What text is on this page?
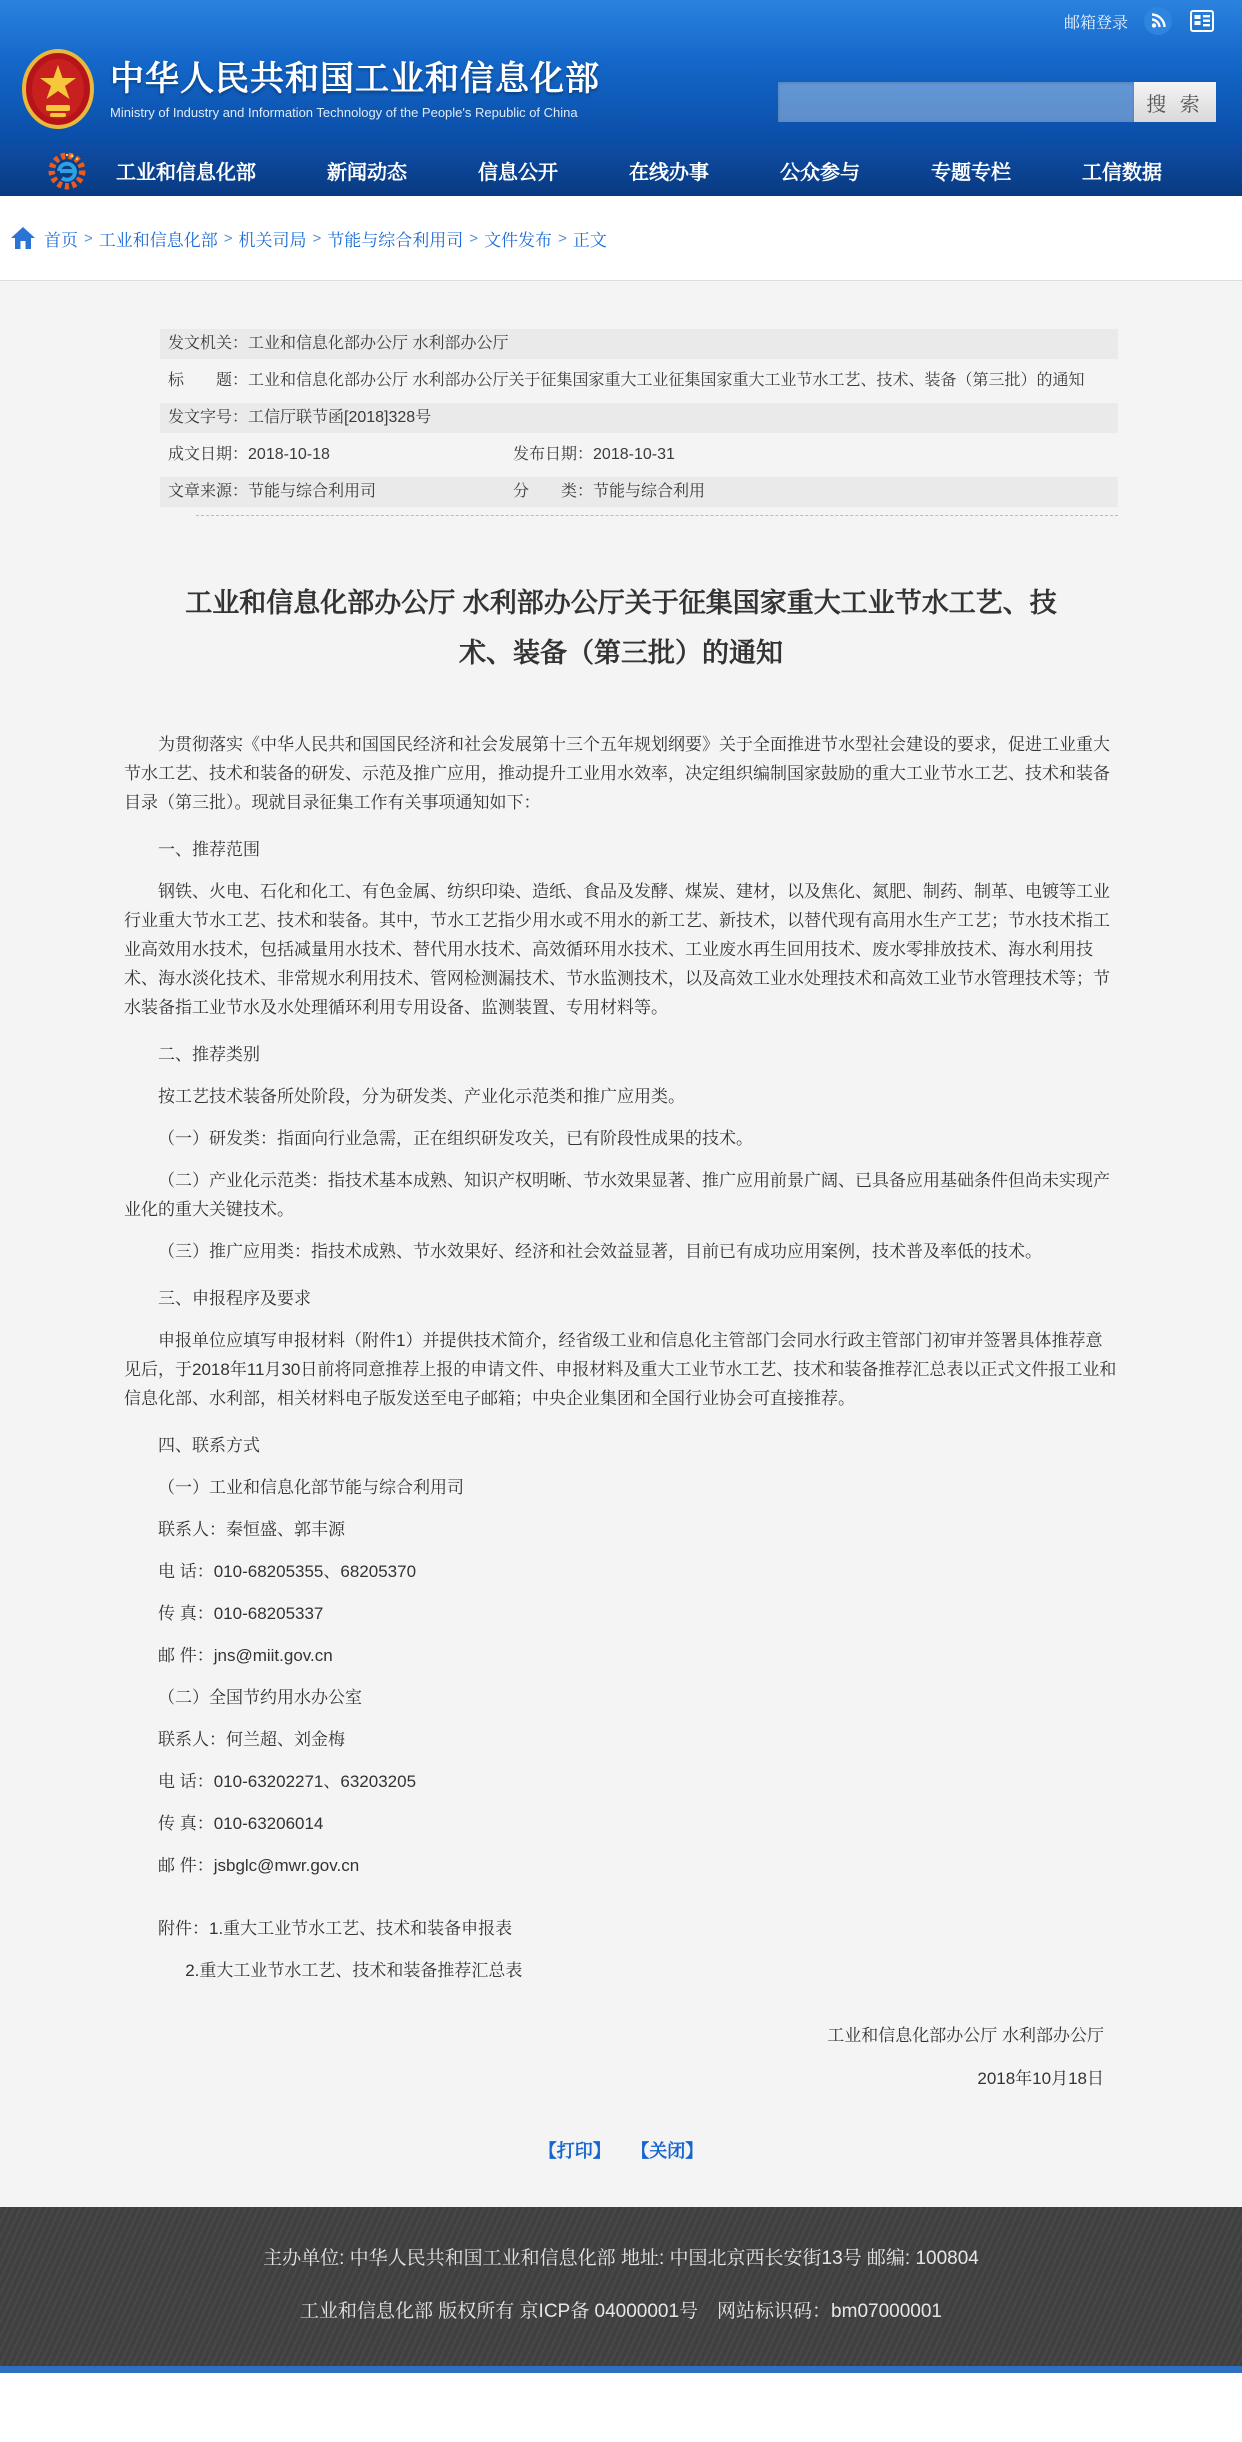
邮箱登录
中华人民共和国工业和信息化部
Ministry of Industry and Information Technology of the People's Republic of China	搜 索
工业和信息化部	新闻动态	信息公开	在线办事	公众参与	专题专栏	工信数据
首页 > 工业和信息化部 > 机关司局 > 节能与综合利用司 > 文件发布 > 正文
发文机关： 工业和信息化部办公厅 水利部办公厅
标　　题： 工业和信息化部办公厅 水利部办公厅关于征集国家重大工业征集国家重大工业节水工艺、技术、装备（第三批）的通知
发文字号： 工信厅联节函[2018]328号
成文日期： 2018-10-18	发布日期： 2018-10-31
文章来源： 节能与综合利用司	分　　类： 节能与综合利用
工业和信息化部办公厅 水利部办公厅关于征集国家重大工业节水工艺、技术、装备（第三批）的通知

为贯彻落实《中华人民共和国国民经济和社会发展第十三个五年规划纲要》关于全面推进节水型社会建设的要求，促进工业重大节水工艺、技术和装备的研发、示范及推广应用，推动提升工业用水效率，决定组织编制国家鼓励的重大工业节水工艺、技术和装备目录（第三批）。现就目录征集工作有关事项通知如下：

一、推荐范围

钢铁、火电、石化和化工、有色金属、纺织印染、造纸、食品及发酵、煤炭、建材，以及焦化、氮肥、制药、制革、电镀等工业行业重大节水工艺、技术和装备。其中，节水工艺指少用水或不用水的新工艺、新技术，以替代现有高用水生产工艺；节水技术指工业高效用水技术，包括减量用水技术、替代用水技术、高效循环用水技术、工业废水再生回用技术、废水零排放技术、海水利用技术、海水淡化技术、非常规水利用技术、管网检测漏技术、节水监测技术，以及高效工业水处理技术和高效工业节水管理技术等；节水装备指工业节水及水处理循环利用专用设备、监测装置、专用材料等。

二、推荐类别

按工艺技术装备所处阶段，分为研发类、产业化示范类和推广应用类。

（一）研发类：指面向行业急需，正在组织研发攻关，已有阶段性成果的技术。

（二）产业化示范类：指技术基本成熟、知识产权明晰、节水效果显著、推广应用前景广阔、已具备应用基础条件但尚未实现产业化的重大关键技术。

（三）推广应用类：指技术成熟、节水效果好、经济和社会效益显著，目前已有成功应用案例，技术普及率低的技术。

三、申报程序及要求

申报单位应填写申报材料（附件1）并提供技术简介，经省级工业和信息化主管部门会同水行政主管部门初审并签署具体推荐意见后，于2018年11月30日前将同意推荐上报的申请文件、申报材料及重大工业节水工艺、技术和装备推荐汇总表以正式文件报工业和信息化部、水利部，相关材料电子版发送至电子邮箱；中央企业集团和全国行业协会可直接推荐。

四、联系方式

（一）工业和信息化部节能与综合利用司

联系人：秦恒盛、郭丰源

电 话：010-68205355、68205370

传 真：010-68205337

邮 件：jns@miit.gov.cn

（二）全国节约用水办公室

联系人：何兰超、刘金梅

电 话：010-63202271、63203205

传 真：010-63206014

邮 件：jsbglc@mwr.gov.cn

附件：1.重大工业节水工艺、技术和装备申报表

2.重大工业节水工艺、技术和装备推荐汇总表

工业和信息化部办公厅 水利部办公厅
2018年10月18日
【打印】 【关闭】
主办单位: 中华人民共和国工业和信息化部 地址: 中国北京西长安街13号 邮编: 100804
工业和信息化部 版权所有 京ICP备 04000001号　网站标识码：bm07000001
